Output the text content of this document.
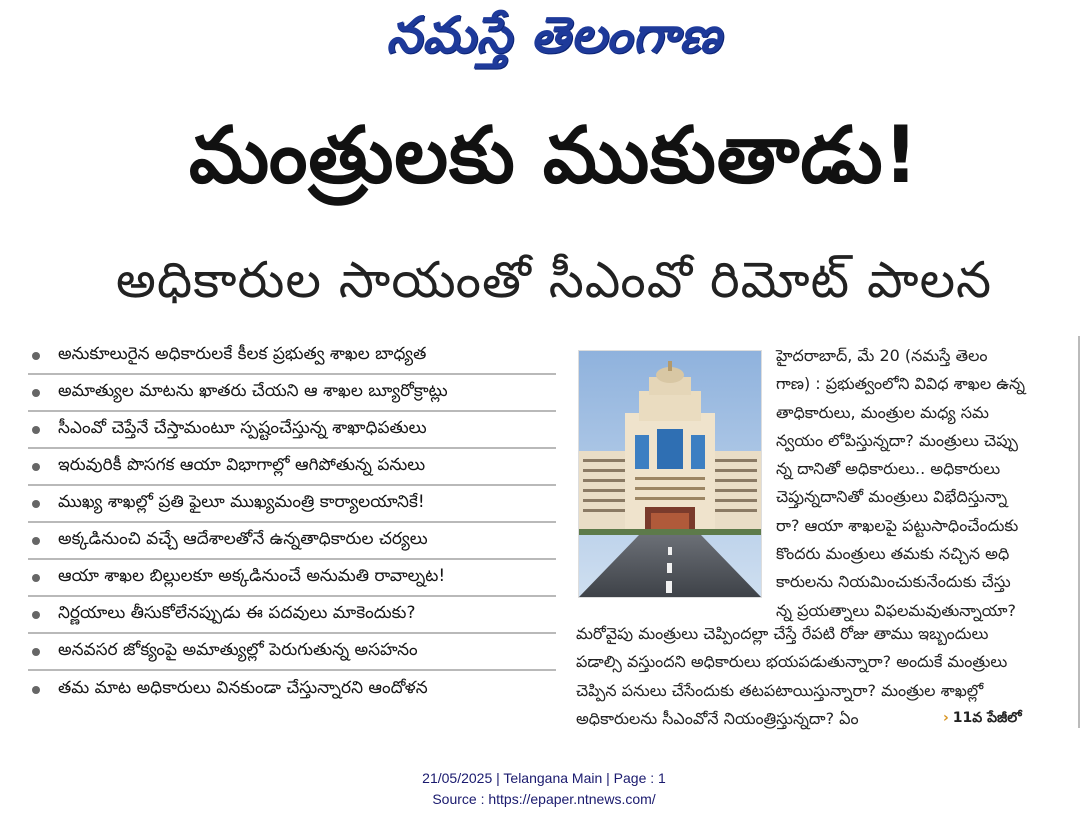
నమస్తే తెలంగాణ
మంత్రులకు ముకుతాడు!
అధికారుల సాయంతో సీఎంవో రిమోట్ పాలన
అనుకూలురైన అధికారులకే కీలక ప్రభుత్వ శాఖల బాధ్యత
అమాత్యుల మాటను ఖాతరు చేయని ఆ శాఖల బ్యూరోక్రాట్లు
సీఎంవో చెప్తేనే చేస్తామంటూ స్పష్టంచేస్తున్న శాఖాధిపతులు
ఇరువురికీ పొసగక ఆయా విభాగాల్లో ఆగిపోతున్న పనులు
ముఖ్య శాఖల్లో ప్రతి ఫైలూ ముఖ్యమంత్రి కార్యాలయానికే!
అక్కడినుంచి వచ్చే ఆదేశాలతోనే ఉన్నతాధికారుల చర్యలు
ఆయా శాఖల బిల్లులకూ అక్కడినుంచే అనుమతి రావాల్నట!
నిర్ణయాలు తీసుకోలేనప్పుడు ఈ పదవులు మాకెందుకు?
అనవసర జోక్యంపై అమాత్యుల్లో పెరుగుతున్న అసహనం
తమ మాట అధికారులు వినకుండా చేస్తున్నారని ఆందోళన

హైదరాబాద్, మే 20 (నమస్తే తెలం

గాణ) : ప్రభుత్వంలోని వివిధ శాఖల ఉన్న

తాధికారులు, మంత్రుల మధ్య సమ

న్వయం లోపిస్తున్నదా? మంత్రులు చెప్పు

న్న దానితో అధికారులు.. అధికారులు

చెప్తున్నదానితో మంత్రులు విభేదిస్తున్నా

రా? ఆయా శాఖలపై పట్టుసాధించేందుకు

కొందరు మంత్రులు తమకు నచ్చిన అధి

కారులను నియమించుకునేందుకు చేస్తు

న్న ప్రయత్నాలు విఫలమవుతున్నాయా?

మరోవైపు మంత్రులు చెప్పిందల్లా చేస్తే రేపటి రోజు తాము ఇబ్బందులు

పడాల్సి వస్తుందని అధికారులు భయపడుతున్నారా? అందుకే మంత్రులు

చెప్పిన పనులు చేసేందుకు తటపటాయిస్తున్నారా? మంత్రుల శాఖల్లో

అధికారులను సీఎంవోనే నియంత్రిస్తున్నదా? ఏం	› 11వ పేజీలో
21/05/2025 | Telangana Main | Page : 1
Source : https://epaper.ntnews.com/
